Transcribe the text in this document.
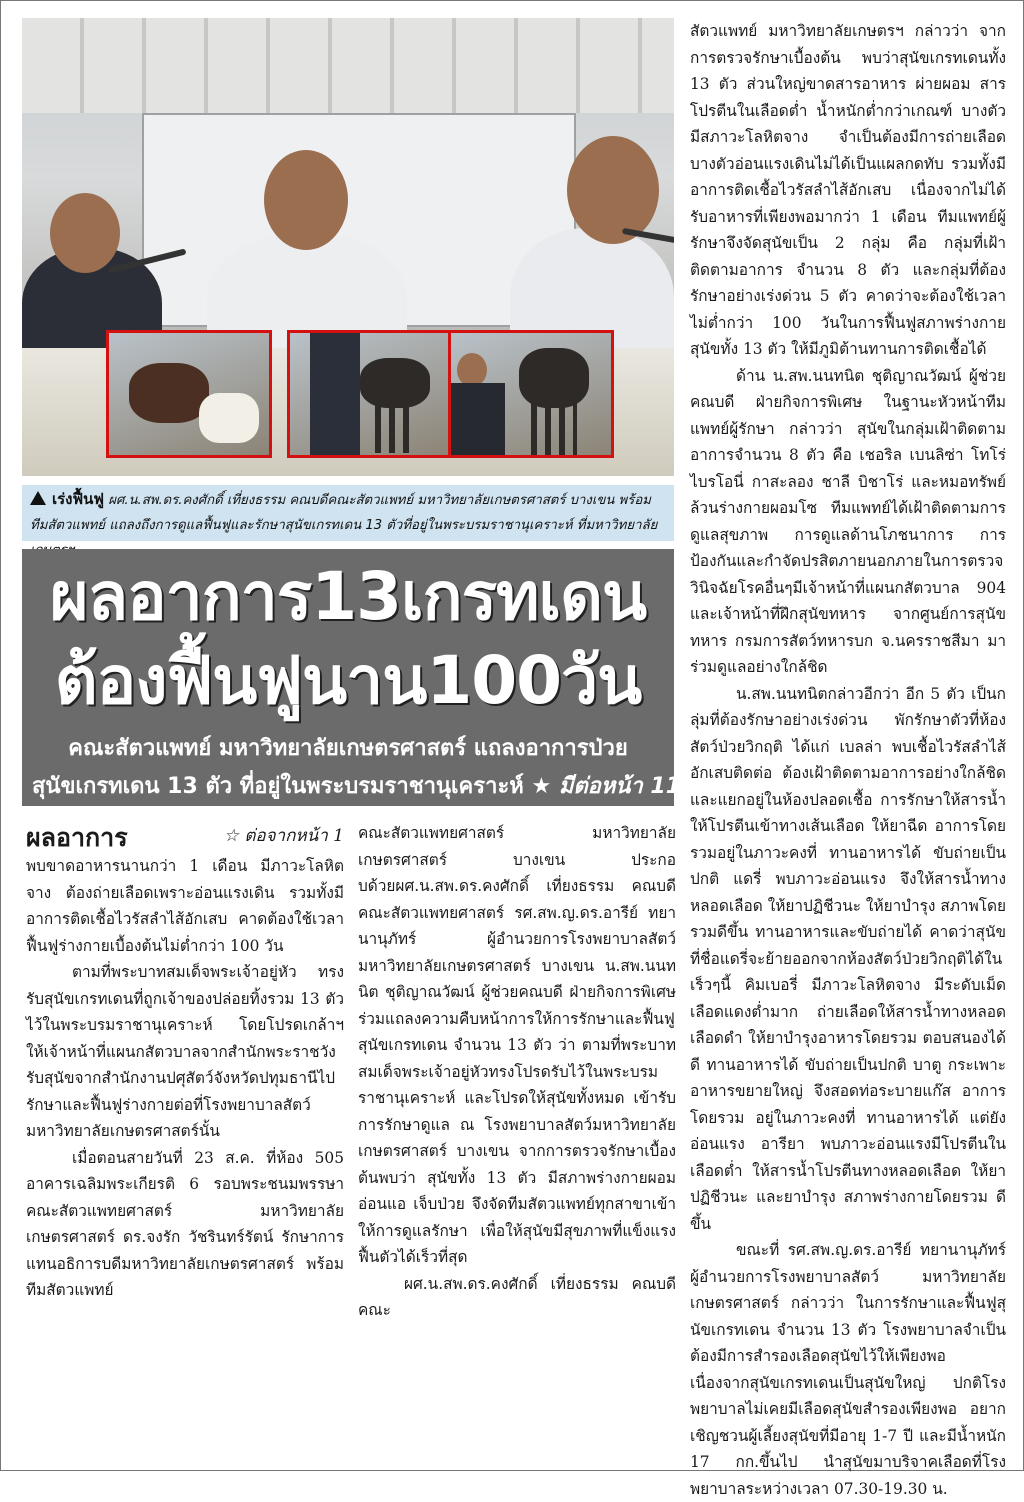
เร่งฟื้นฟู ผศ.น.สพ.ดร.คงศักดิ์ เที่ยงธรรม คณบดีคณะสัตวแพทย์ มหาวิทยาลัยเกษตรศาสตร์ บางเขน พร้อมทีมสัตวแพทย์ แถลงถึงการดูแลฟื้นฟูและรักษาสุนัขเกรทเดน 13 ตัวที่อยู่ในพระบรมราชานุเคราะห์ ที่มหาวิทยาลัย
ผลอาการ13เกรทเดน
ต้องฟื้นฟูนาน100วัน
คณะสัตวแพทย์ มหาวิทยาลัยเกษตรศาสตร์ แถลงอาการป่วย
สุนัขเกรทเดน 13 ตัว ที่อยู่ในพระบรมราชานุเคราะห์ ★ มีต่อหน้า 11
ผลอาการ	☆ ต่อจากหน้า 1

พบขาดอาหารนานกว่า 1 เดือน มีภาวะโลหิตจาง ต้องถ่ายเลือดเพราะอ่อนแรงเดิน รวมทั้งมีอาการติดเชื้อไวรัสลำไส้อักเสบ คาดต้องใช้เวลาฟื้นฟูร่างกายเบื้องต้นไม่ต่ำกว่า 100 วัน

ตามที่พระบาทสมเด็จพระเจ้าอยู่หัว ทรงรับสุนัขเกรทเดนที่ถูกเจ้าของปล่อยทิ้งรวม 13 ตัว ไว้ในพระบรมราชานุเคราะห์ โดยโปรดเกล้าฯ ให้เจ้าหน้าที่แผนกสัตวบาลจากสำนักพระราชวัง รับสุนัขจากสำนักงานปศุสัตว์จังหวัดปทุมธานีไปรักษาและฟื้นฟูร่างกายต่อที่โรงพยาบาลสัตว์มหาวิทยาลัยเกษตรศาสตร์นั้น

เมื่อตอนสายวันที่ 23 ส.ค. ที่ห้อง 505 อาคารเฉลิมพระเกียรติ 6 รอบพระชนมพรรษา คณะสัตวแพทยศาสตร์ มหาวิทยาลัยเกษตรศาสตร์ ดร.จงรัก วัชรินทร์รัตน์ รักษาการแทนอธิการบดีมหาวิทยาลัยเกษตรศาสตร์ พร้อมทีมสัตวแพทย์

คณะสัตวแพทยศาสตร์ มหาวิทยาลัยเกษตรศาสตร์ บางเขน ประกอบด้วยผศ.น.สพ.ดร.คงศักดิ์ เที่ยงธรรม คณบดีคณะสัตวแพทยศาสตร์ รศ.สพ.ญ.ดร.อารีย์ ทยานานุภัทร์ ผู้อำนวยการโรงพยาบาลสัตว์ มหาวิทยาลัยเกษตรศาสตร์ บางเขน น.สพ.นนทนิต ชุติญาณวัฒน์ ผู้ช่วยคณบดี ฝ่ายกิจการพิเศษ ร่วมแถลงความคืบหน้าการให้การรักษาและฟื้นฟูสุนัขเกรทเดน จำนวน 13 ตัว ว่า ตามที่พระบาทสมเด็จพระเจ้าอยู่หัวทรงโปรดรับไว้ในพระบรมราชานุเคราะห์ และโปรดให้สุนัขทั้งหมด เข้ารับการรักษาดูแล ณ โรงพยาบาลสัตว์มหาวิทยาลัยเกษตรศาสตร์ บางเขน จากการตรวจรักษาเบื้องต้นพบว่า สุนัขทั้ง 13 ตัว มีสภาพร่างกายผอม อ่อนแอ เจ็บป่วย จึงจัดทีมสัตวแพทย์ทุกสาขาเข้าให้การดูแลรักษา เพื่อให้สุนัขมีสุขภาพที่แข็งแรง ฟื้นตัวได้เร็วที่สุด

ผศ.น.สพ.ดร.คงศักดิ์ เที่ยงธรรม คณบดีคณะ

สัตวแพทย์ มหาวิทยาลัยเกษตรฯ กล่าวว่า จากการตรวจรักษาเบื้องต้น พบว่าสุนัขเกรทเดนทั้ง 13 ตัว ส่วนใหญ่ขาดสารอาหาร ผ่ายผอม สารโปรตีนในเลือดต่ำ น้ำหนักต่ำกว่าเกณฑ์ บางตัวมีสภาวะโลหิตจาง จำเป็นต้องมีการถ่ายเลือด บางตัวอ่อนแรงเดินไม่ได้เป็นแผลกดทับ รวมทั้งมีอาการติดเชื้อไวรัสลำไส้อักเสบ เนื่องจากไม่ได้รับอาหารที่เพียงพอมากว่า 1 เดือน ทีมแพทย์ผู้รักษาจึงจัดสุนัขเป็น 2 กลุ่ม คือ กลุ่มที่เฝ้าติดตามอาการ จำนวน 8 ตัว และกลุ่มที่ต้องรักษาอย่างเร่งด่วน 5 ตัว คาดว่าจะต้องใช้เวลาไม่ต่ำกว่า 100 วันในการฟื้นฟูสภาพร่างกายสุนัขทั้ง 13 ตัว ให้มีภูมิต้านทานการติดเชื้อได้

ด้าน น.สพ.นนทนิต ชุติญาณวัฒน์ ผู้ช่วยคณบดี ฝ่ายกิจการพิเศษ ในฐานะหัวหน้าทีมแพทย์ผู้รักษา กล่าวว่า สุนัขในกลุ่มเฝ้าติดตามอาการจำนวน 8 ตัว คือ เชอริล เบนลิซ่า โทโร่ ไบรโอนี่ กาสะลอง ชาลี บิชาโร่ และหมอทรัพย์ ล้วนร่างกายผอมโซ ทีมแพทย์ได้เฝ้าติดตามการดูแลสุขภาพ การดูแลด้านโภชนาการ การป้องกันและกำจัดปรสิตภายนอกภายในการตรวจวินิจฉัยโรคอื่นๆมีเจ้าหน้าที่แผนกสัตวบาล 904 และเจ้าหน้าที่ฝึกสุนัขทหาร จากศูนย์การสุนัขทหาร กรมการสัตว์ทหารบก จ.นครราชสีมา มาร่วมดูแลอย่างใกล้ชิด

น.สพ.นนทนิตกล่าวอีกว่า อีก 5 ตัว เป็นกลุ่มที่ต้องรักษาอย่างเร่งด่วน พักรักษาตัวที่ห้องสัตว์ป่วยวิกฤติ ได้แก่ เบลล่า พบเชื้อไวรัสลำไส้อักเสบติดต่อ ต้องเฝ้าติดตามอาการอย่างใกล้ชิดและแยกอยู่ในห้องปลอดเชื้อ การรักษาให้สารน้ำให้โปรตีนเข้าทางเส้นเลือด ให้ยาฉีด อาการโดยรวมอยู่ในภาวะคงที่ ทานอาหารได้ ขับถ่ายเป็นปกติ แดรี่ พบภาวะอ่อนแรง จึงให้สารน้ำทางหลอดเลือด ให้ยาปฏิชีวนะ ให้ยาบำรุง สภาพโดยรวมดีขึ้น ทานอาหารและขับถ่ายได้ คาดว่าสุนัขที่ชื่อแดรี่จะย้ายออกจากห้องสัตว์ป่วยวิกฤติได้ในเร็วๆนี้ คิมเบอรี่ มีภาวะโลหิตจาง มีระดับเม็ดเลือดแดงต่ำมาก ถ่ายเลือดให้สารน้ำทางหลอดเลือดดำ ให้ยาบำรุงอาหารโดยรวม ตอบสนองได้ดี ทานอาหารได้ ขับถ่ายเป็นปกติ บาตู กระเพาะอาหารขยายใหญ่ จึงสอดท่อระบายแก๊ส อาการโดยรวม อยู่ในภาวะคงที่ ทานอาหารได้ แต่ยังอ่อนแรง อารียา พบภาวะอ่อนแรงมีโปรตีนในเลือดต่ำ ให้สารน้ำโปรตีนทางหลอดเลือด ให้ยาปฏิชีวนะ และยาบำรุง สภาพร่างกายโดยรวม ดีขึ้น

ขณะที่ รศ.สพ.ญ.ดร.อารีย์ ทยานานุภัทร์ ผู้อำนวยการโรงพยาบาลสัตว์ มหาวิทยาลัยเกษตรศาสตร์ กล่าวว่า ในการรักษาและฟื้นฟูสุนัขเกรทเดน จำนวน 13 ตัว โรงพยาบาลจำเป็นต้องมีการสำรองเลือดสุนัขไว้ให้เพียงพอ เนื่องจากสุนัขเกรทเดนเป็นสุนัขใหญ่ ปกติโรงพยาบาลไม่เคยมีเลือดสุนัขสำรองเพียงพอ อยากเชิญชวนผู้เลี้ยงสุนัขที่มีอายุ 1-7 ปี และมีน้ำหนัก 17 กก.ขึ้นไป นำสุนัขมาบริจาคเลือดที่โรงพยาบาลระหว่างเวลา 07.30-19.30 น.
